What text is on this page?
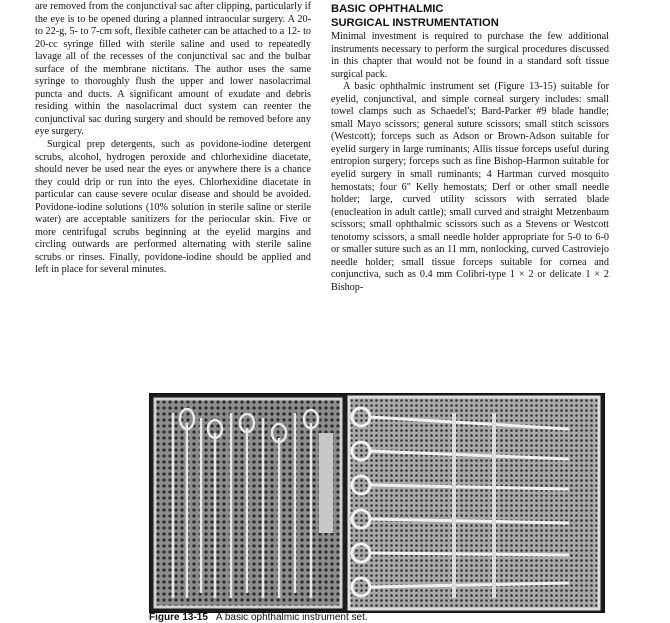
are removed from the conjunctival sac after clipping, particularly if the eye is to be opened during a planned intraocular surgery. A 20- to 22-g, 5- to 7-cm soft, flexible catheter can be attached to a 12- to 20-cc syringe filled with sterile saline and used to repeatedly lavage all of the recesses of the conjunctival sac and the bulbar surface of the membrane nictitans. The author uses the same syringe to thoroughly flush the upper and lower nasolacrimal puncta and ducts. A significant amount of exudate and debris residing within the nasolacrimal duct system can reenter the conjunctival sac during surgery and should be removed before any eye surgery.

Surgical prep detergents, such as povidone-iodine detergent scrubs, alcohol, hydrogen peroxide and chlorhexidine diacetate, should never be used near the eyes or anywhere there is a chance they could drip or run into the eyes. Chlorhexidine diacetate in particular can cause severe ocular disease and should be avoided. Povidone-iodine solutions (10% solution in sterile saline or sterile water) are acceptable sanitizers for the periocular skin. Five or more centrifugal scrubs beginning at the eyelid margins and circling outwards are performed alternating with sterile saline scrubs or rinses. Finally, povidone-iodine should be applied and left in place for several minutes.

BASIC OPHTHALMIC
SURGICAL INSTRUMENTATION

Minimal investment is required to purchase the few additional instruments necessary to perform the surgical procedures discussed in this chapter that would not be found in a standard soft tissue surgical pack.

A basic ophthalmic instrument set (Figure 13-15) suitable for eyelid, conjunctival, and simple corneal surgery includes: small towel clamps such as Schaedel's; Bard-Parker #9 blade handle; small Mayo scissors; general suture scissors; small stitch scissors (Westcott); forceps such as Adson or Brown-Adson suitable for eyelid surgery in large ruminants; Allis tissue forceps useful during entropion surgery; forceps such as fine Bishop-Harmon suitable for eyelid surgery in small ruminants; 4 Hartman curved mosquito hemostats; four 6" Kelly hemostats; Derf or other small needle holder; large, curved utility scissors with serrated blade (enucleation in adult cattle); small curved and straight Metzenbaum scissors; small ophthalmic scissors such as a Stevens or Westcott tenotomy scissors, a small needle holder appropriate for 5-0 to 6-0 or smaller suture such as an 11 mm, nonlocking, curved Castroviejo needle holder; small tissue forceps suitable for cornea and conjunctiva, such as 0.4 mm Colibri-type 1 × 2 or delicate 1 × 2 Bishop-

Figure 13-15 A basic ophthalmic instrument set.
